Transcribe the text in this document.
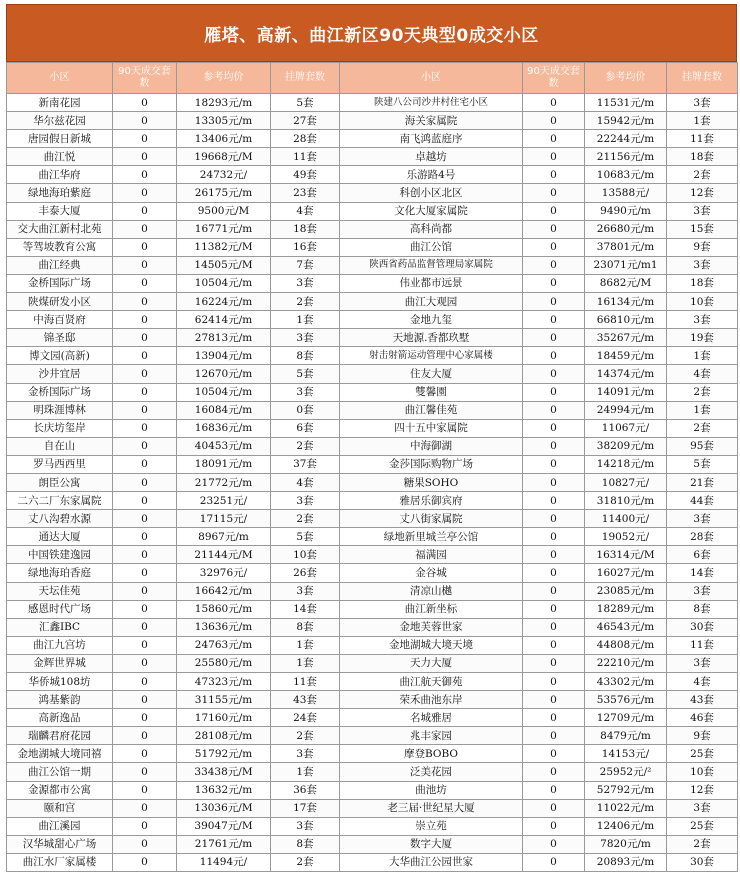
雁塔、高新、曲江新区90天典型0成交小区
小区	90天成交套数	参考均价	挂牌套数	小区	90天成交套数	参考均价	挂牌套数
新南花园	0	18293元/m	5套	陕建八公司沙井村住宅小区	0	11531元/m	3套
华尔兹花园	0	13305元/m	27套	海关家属院	0	15942元/m	1套
唐园假日新城	0	13406元/m	28套	南飞鸿蓝庭序	0	22244元/m	11套
曲江悦	0	19668元/M	11套	卓越坊	0	21156元/m	18套
曲江华府	0	24732元/	49套	乐游路4号	0	10683元/m	2套
绿地海珀紫庭	0	26175元/m	23套	科创小区北区	0	13588元/	12套
丰泰大厦	0	9500元/M	4套	文化大厦家属院	0	9490元/m	3套
交大曲江新村北苑	0	16771元/m	18套	高科尚都	0	26680元/m	15套
等驾坡教育公寓	0	11382元/M	16套	曲江公馆	0	37801元/m	9套
曲江经典	0	14505元/M	7套	陕西省药品监督管理局家属院	0	23071元/m1	3套
金桥国际广场	0	10504元/m	3套	伟业都市远景	0	8682元/M	18套
陕煤研发小区	0	16224元/m	2套	曲江大观园	0	16134元/m	10套
中海百贤府	0	62414元/m	1套	金地九玺	0	66810元/m	3套
锦圣邸	0	27813元/m	3套	天地源.香都玖墅	0	35267元/m	19套
博文园(高新)	0	13904元/m	8套	射击射箭运动管理中心家属楼	0	18459元/m	1套
沙井宜居	0	12670元/m	5套	住友大厦	0	14374元/m	4套
金桥国际广场	0	10504元/m	3套	雙馨園	0	14091元/m	2套
明珠涯博林	0	16084元/m	0套	曲江馨佳苑	0	24994元/m	1套
长庆坊玺岸	0	16836元/m	6套	四十五中家属院	0	11067元/	2套
自在山	0	40453元/m	2套	中海御湖	0	38209元/m	95套
罗马西西里	0	18091元/m	37套	金莎国际购物广场	0	14218元/m	5套
朗臣公寓	0	21772元/m	4套	糖果SOHO	0	10827元/	21套
二六二厂东家属院	0	23251元/	3套	雅居乐御宾府	0	31810元/m	44套
丈八沟碧水源	0	17115元/	2套	丈八街家属院	0	11400元/	3套
通达大厦	0	8967元/m	5套	绿地新里城兰亭公馆	0	19052元/	28套
中国铁建逸园	0	21144元/M	10套	福满园	0	16314元/M	6套
绿地海珀香庭	0	32976元/	26套	金谷城	0	16027元/m	14套
天坛佳苑	0	16642元/m	3套	清凉山樾	0	23085元/m	3套
感恩时代广场	0	15860元/m	14套	曲江新坐标	0	18289元/m	8套
汇鑫IBC	0	13636元/m	8套	金地芙蓉世家	0	46543元/m	30套
曲江九宫坊	0	24763元/m	1套	金地湖城大境天境	0	44808元/m	11套
金辉世界城	0	25580元/m	1套	天力大厦	0	22210元/m	3套
华侨城108坊	0	47323元/m	11套	曲江航天御苑	0	43302元/m	4套
鸿基紫韵	0	31155元/m	43套	荣禾曲池东岸	0	53576元/m	43套
高新逸品	0	17160元/m	24套	名城雅居	0	12709元/m	46套
瑞麟君府花园	0	28108元/m	2套	兆丰家园	0	8479元/m	9套
金地湖城大境同禧	0	51792元/m	3套	摩登BOBO	0	14153元/	25套
曲江公馆一期	0	33438元/M	1套	泛美花园	0	25952元/²	10套
金源都市公寓	0	13632元/m	36套	曲池坊	0	52792元/m	12套
颐和宫	0	13036元/M	17套	老三届·世纪星大厦	0	11022元/m	3套
曲江溪园	0	39047元/M	3套	崇立苑	0	12406元/m	25套
汉华城甜心广场	0	21761元/m	8套	数字大厦	0	7820元/m	2套
曲江水厂家属楼	0	11494元/	2套	大华曲江公园世家	0	20893元/m	30套
